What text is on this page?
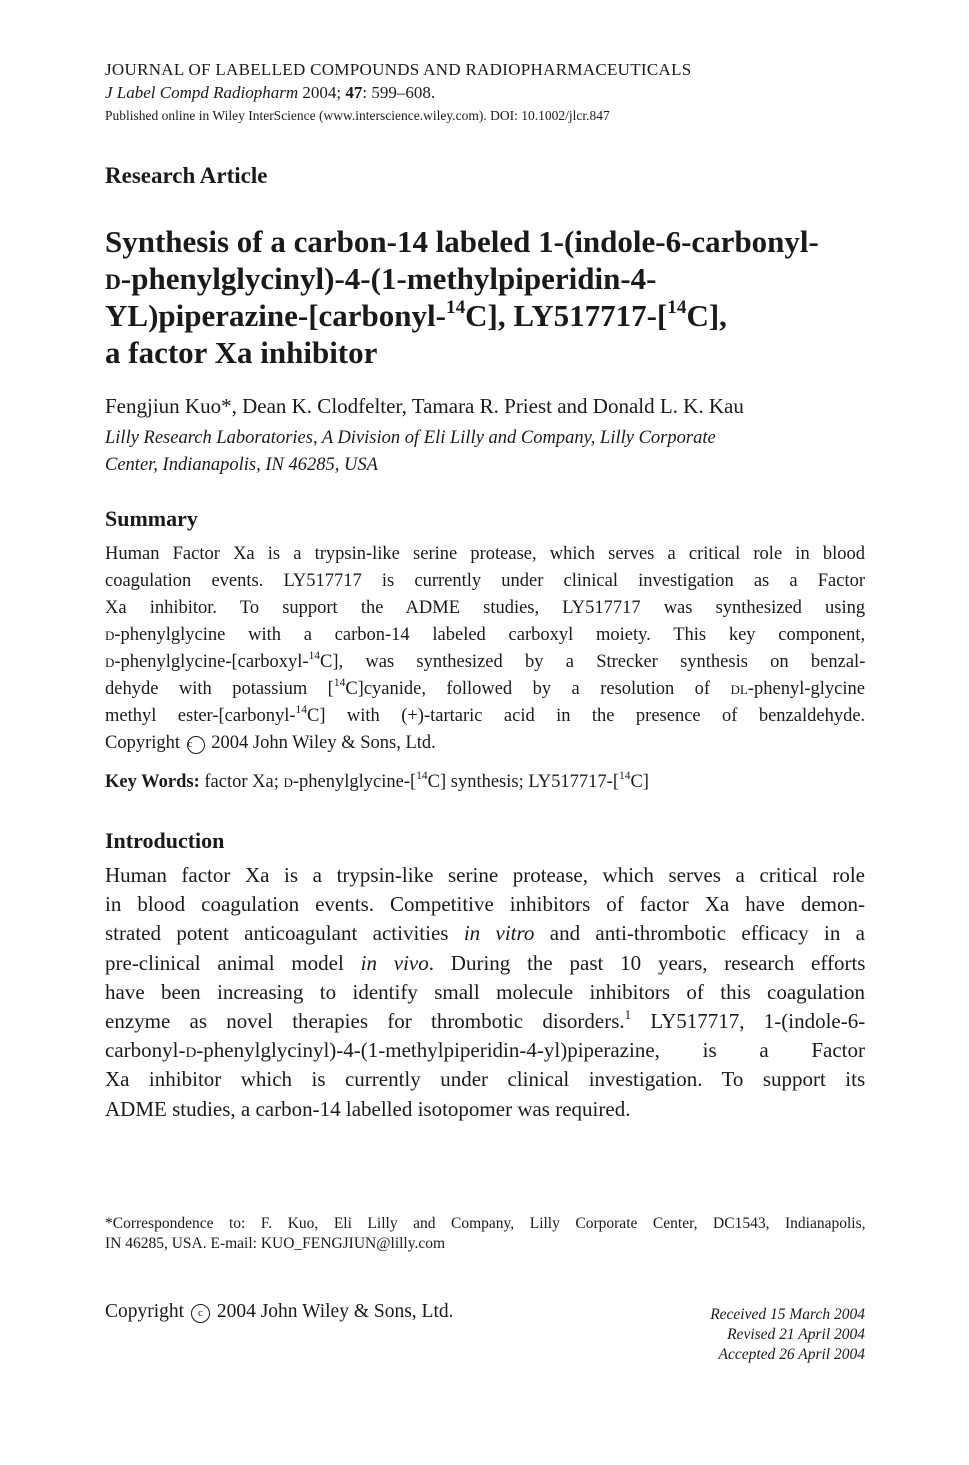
JOURNAL OF LABELLED COMPOUNDS AND RADIOPHARMACEUTICALS
J Label Compd Radiopharm 2004; 47: 599–608.
Published online in Wiley InterScience (www.interscience.wiley.com). DOI: 10.1002/jlcr.847
Research Article
Synthesis of a carbon-14 labeled 1-(indole-6-carbonyl-
d-phenylglycinyl)-4-(1-methylpiperidin-4-
YL)piperazine-[carbonyl-$^{14}$C], LY517717-[$^{14}$C],
a factor Xa inhibitor
Fengjiun Kuo*, Dean K. Clodfelter, Tamara R. Priest and Donald L. K. Kau
Lilly Research Laboratories, A Division of Eli Lilly and Company, Lilly Corporate
Center, Indianapolis, IN 46285, USA
Summary
Human Factor Xa is a trypsin-like serine protease, which serves a critical role in blood
coagulation events. LY517717 is currently under clinical investigation as a Factor
Xa inhibitor. To support the ADME studies, LY517717 was synthesized using
d-phenylglycine with a carbon-14 labeled carboxyl moiety. This key component,
d-phenylglycine-[carboxyl-$^{14}$C], was synthesized by a Strecker synthesis on benzal-
dehyde with potassium [$^{14}$C]cyanide, followed by a resolution of dl-phenyl-glycine
methyl ester-[carbonyl-$^{14}$C] with (+)-tartaric acid in the presence of benzaldehyde.
Copyright c 2004 John Wiley & Sons, Ltd.
Key Words: factor Xa; d-phenylglycine-[$^{14}$C] synthesis; LY517717-[$^{14}$C]
Introduction
Human factor Xa is a trypsin-like serine protease, which serves a critical role
in blood coagulation events. Competitive inhibitors of factor Xa have demon-
strated potent anticoagulant activities in vitro and anti-thrombotic efficacy in a
pre-clinical animal model in vivo. During the past 10 years, research efforts
have been increasing to identify small molecule inhibitors of this coagulation
enzyme as novel therapies for thrombotic disorders.$^1$ LY517717, 1-(indole-6-
carbonyl-d-phenylglycinyl)-4-(1-methylpiperidin-4-yl)piperazine, is a Factor
Xa inhibitor which is currently under clinical investigation. To support its
ADME studies, a carbon-14 labelled isotopomer was required.
*Correspondence to: F. Kuo, Eli Lilly and Company, Lilly Corporate Center, DC1543, Indianapolis,
IN 46285, USA. E-mail: KUO_FENGJIUN@lilly.com
Copyright c 2004 John Wiley & Sons, Ltd.	Received 15 March 2004
Revised 21 April 2004
Accepted 26 April 2004
